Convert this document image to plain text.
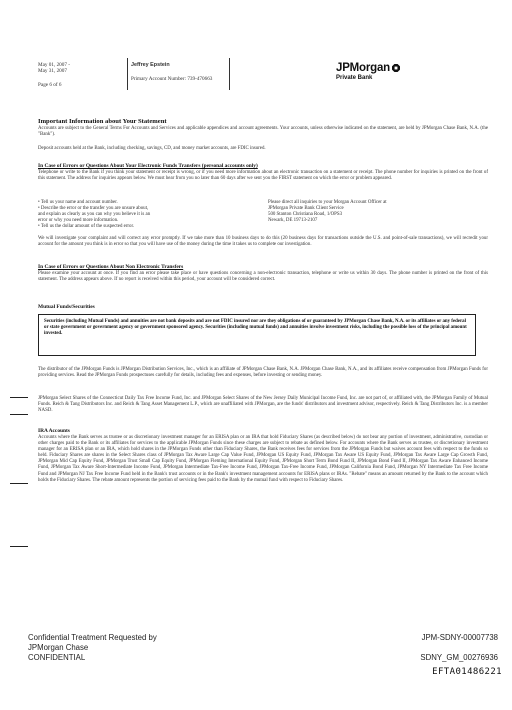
May 01, 2007 -
May 31, 2007
Page 6 of 6
Jeffrey Epstein
Primary Account Number: 739-470663
JPMorgan
Private Bank
Important Information about Your Statement
Accounts are subject to the General Terms For Accounts and Services and applicable appendices and account agreements. Your accounts, unless otherwise indicated on the statement, are held by JPMorgan Chase Bank, N.A. (the "Bank").
Deposit accounts held at the Bank, including checking, savings, CD, and money market accounts, are FDIC insured.
In Case of Errors or Questions About Your Electronic Funds Transfers (personal accounts only)
Telephone or write to the Bank if you think your statement or receipt is wrong, or if you need more information about an electronic transaction on a statement or receipt. The phone number for inquiries is printed on the front of this statement. The address for inquiries appears below. We must hear from you no later than 60 days after we sent you the FIRST statement on which the error or problem appeared.
• Tell us your name and account number.
• Describe the error or the transfer you are unsure about,
and explain as clearly as you can why you believe it is an
error or why you need more information.
• Tell us the dollar amount of the suspected error.
Please direct all inquiries to your Morgan Account Officer at
JPMorgan Private Bank Client Service
500 Stanton Christiana Road, 1/OPS3
Newark, DE 19713-2107
We will investigate your complaint and will correct any error promptly. If we take more than 10 business days to do this (20 business days for transactions outside the U.S. and point-of-sale transactions), we will recredit your account for the amount you think is in error so that you will have use of the money during the time it takes us to complete our investigation.
In Case of Errors or Questions About Non Electronic Transfers
Please examine your account at once. If you find an error please take place or have questions concerning a non-electronic transaction, telephone or write us within 30 days. The phone number is printed on the front of this statement. The address appears above. If no report is received within this period, your account will be considered correct.
Mutual Funds/Securities
Securities (including Mutual Funds) and annuities are not bank deposits and are not FDIC insured nor are they obligations of or guaranteed by JPMorgan Chase Bank, N.A. or its affiliates or any federal or state government or government agency or government sponsored agency. Securities (including mutual funds) and annuities involve investment risks, including the possible loss of the principal amount invested.
The distributor of the JPMorgan Funds is JPMorgan Distribution Services, Inc., which is an affiliate of JPMorgan Chase Bank, N.A. JPMorgan Chase Bank, N.A., and its affiliates receive compensation from JPMorgan Funds for providing services. Read the JPMorgan Funds prospectuses carefully for details, including fees and expenses, before investing or sending money.
JPMorgan Select Shares of the Connecticut Daily Tax Free Income Fund, Inc. and JPMorgan Select Shares of the New Jersey Daily Municipal Income Fund, Inc. are not part of, or affiliated with, the JPMorgan Family of Mutual Funds. Reich & Tang Distributors Inc. and Reich & Tang Asset Management L.P., which are unaffiliated with JPMorgan, are the funds' distributors and investment advisor, respectively. Reich & Tang Distributors Inc. is a member NASD.
IRA Accounts
Accounts where the Bank serves as trustee or as discretionary investment manager for an ERISA plan or an IRA that hold Fiduciary Shares (as described below) do not bear any portion of investment, administrative, custodian or other charges paid to the Bank or its affiliates for services to the applicable JPMorgan Funds since these charges are subject to rebate as defined below. For accounts where the Bank serves as trustee, or discretionary investment manager for an ERISA plan or an IRA, which hold shares in the JPMorgan Funds other than Fiduciary Shares, the Bank receives fees for services from the JPMorgan Funds but waives account fees with respect to the funds so held. Fiduciary Shares are shares in the Select Shares class of JPMorgan Tax Aware Large Cap Value Fund, JPMorgan US Equity Fund, JPMorgan Tax Aware US Equity Fund, JPMorgan Tax Aware Large Cap Growth Fund, JPMorgan Mid Cap Equity Fund, JPMorgan Trust Small Cap Equity Fund, JPMorgan Fleming International Equity Fund, JPMorgan Short Term Bond Fund II, JPMorgan Bond Fund II, JPMorgan Tax Aware Enhanced Income Fund, JPMorgan Tax Aware Short-Intermediate Income Fund, JPMorgan Intermediate Tax-Free Income Fund, JPMorgan Tax-Free Income Fund, JPMorgan California Bond Fund, JPMorgan NY Intermediate Tax Free Income Fund and JPMorgan NJ Tax Free Income Fund held in the Bank's trust accounts or in the Bank's investment management accounts for ERISA plans or IRAs. "Rebate" means an amount returned by the Bank to the account which holds the Fiduciary Shares. The rebate amount represents the portion of servicing fees paid to the Bank by the mutual fund with respect to Fiduciary Shares.
Confidential Treatment Requested by
JPMorgan Chase
CONFIDENTIAL
JPM-SDNY-00007738
SDNY_GM_00276936
EFTA01486221
